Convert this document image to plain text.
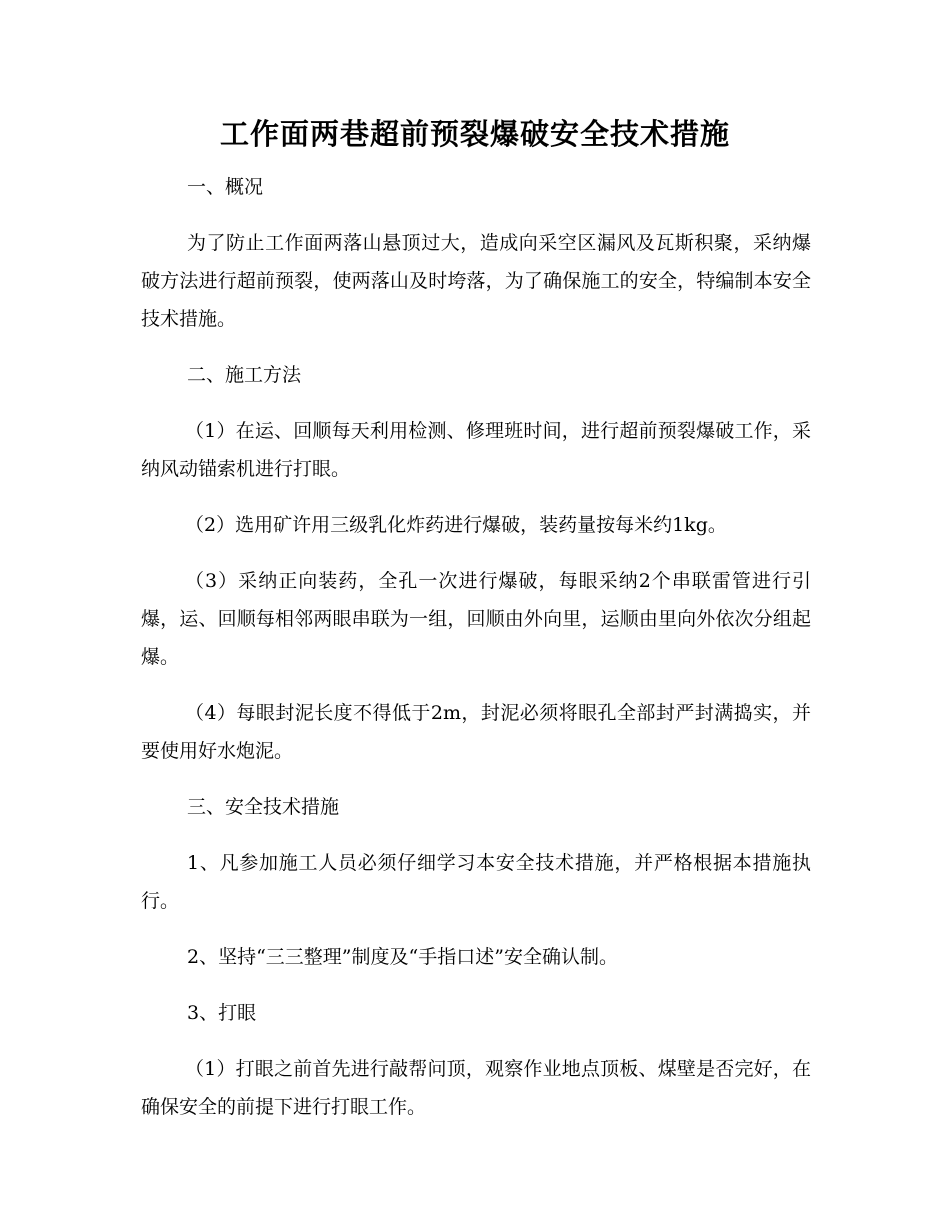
工作面两巷超前预裂爆破安全技术措施

一、概况

为了防止工作面两落山悬顶过大，造成向采空区漏风及瓦斯积聚，采纳爆破方法进行超前预裂，使两落山及时垮落，为了确保施工的安全，特编制本安全技术措施。

二、施工方法

（1）在运、回顺每天利用检测、修理班时间，进行超前预裂爆破工作，采纳风动锚索机进行打眼。

（2）选用矿许用三级乳化炸药进行爆破，装药量按每米约1kg。

（3）采纳正向装药，全孔一次进行爆破，每眼采纳2个串联雷管进行引爆，运、回顺每相邻两眼串联为一组，回顺由外向里，运顺由里向外依次分组起爆。

（4）每眼封泥长度不得低于2m，封泥必须将眼孔全部封严封满捣实，并要使用好水炮泥。

三、安全技术措施

1、凡参加施工人员必须仔细学习本安全技术措施，并严格根据本措施执行。

2、坚持“三三整理”制度及“手指口述”安全确认制。

3、打眼

（1）打眼之前首先进行敲帮问顶，观察作业地点顶板、煤壁是否完好，在确保安全的前提下进行打眼工作。
